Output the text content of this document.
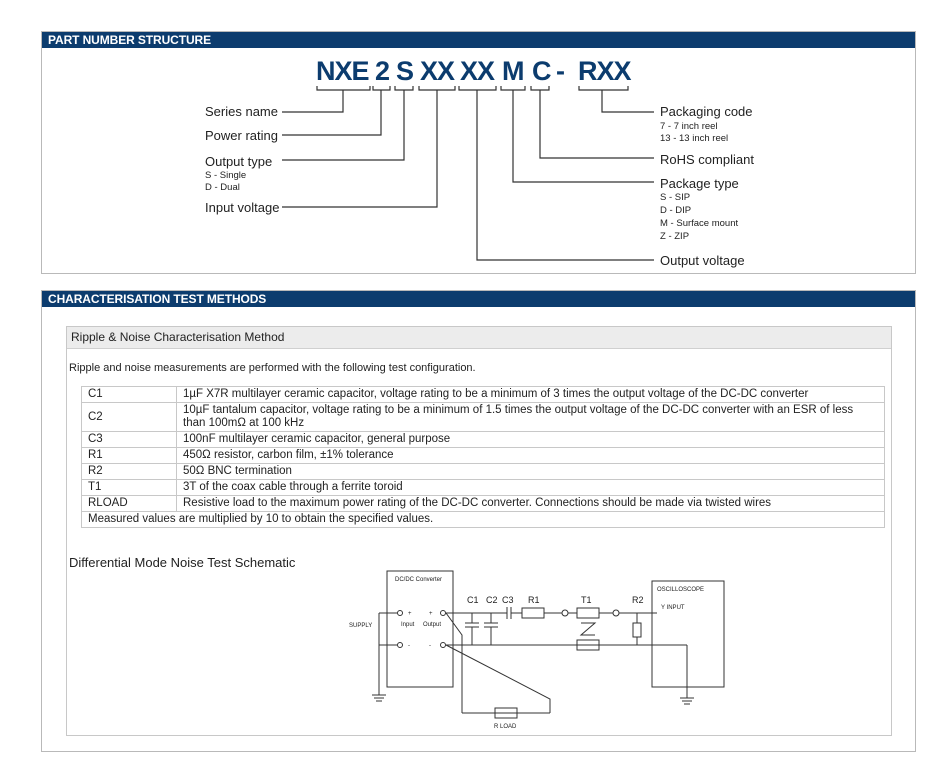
PART NUMBER STRUCTURE
NXE 2 S XX XX M C - RXX
Series name
Power rating
Output type
S - Single
D - Dual
Input voltage
Packaging code
7 - 7 inch reel
13 - 13 inch reel
RoHS compliant
Package type
S - SIP
D - DIP
M - Surface mount
Z - ZIP
Output voltage
CHARACTERISATION TEST METHODS
Ripple & Noise Characterisation Method
Ripple and noise measurements are performed with the following test configuration.
C1	1µF X7R multilayer ceramic capacitor, voltage rating to be a minimum of 3 times the output voltage of the DC-DC converter
C2	10µF tantalum capacitor, voltage rating to be a minimum of 1.5 times the output voltage of the DC-DC converter with an ESR of less than 100mΩ at 100 kHz
C3	100nF multilayer ceramic capacitor, general purpose
R1	450Ω resistor, carbon film, ±1% tolerance
R2	50Ω BNC termination
T1	3T of the coax cable through a ferrite toroid
RLOAD	Resistive load to the maximum power rating of the DC-DC converter. Connections should be made via twisted wires
Measured values are multiplied by 10 to obtain the specified values.	
Differential Mode Noise Test Schematic
DC/DC Converter
+
Input
-
+
Output
-
SUPPLY
OSCILLOSCOPE
Y INPUT
R LOAD
C1 C2 C3 R1	T1	R2
